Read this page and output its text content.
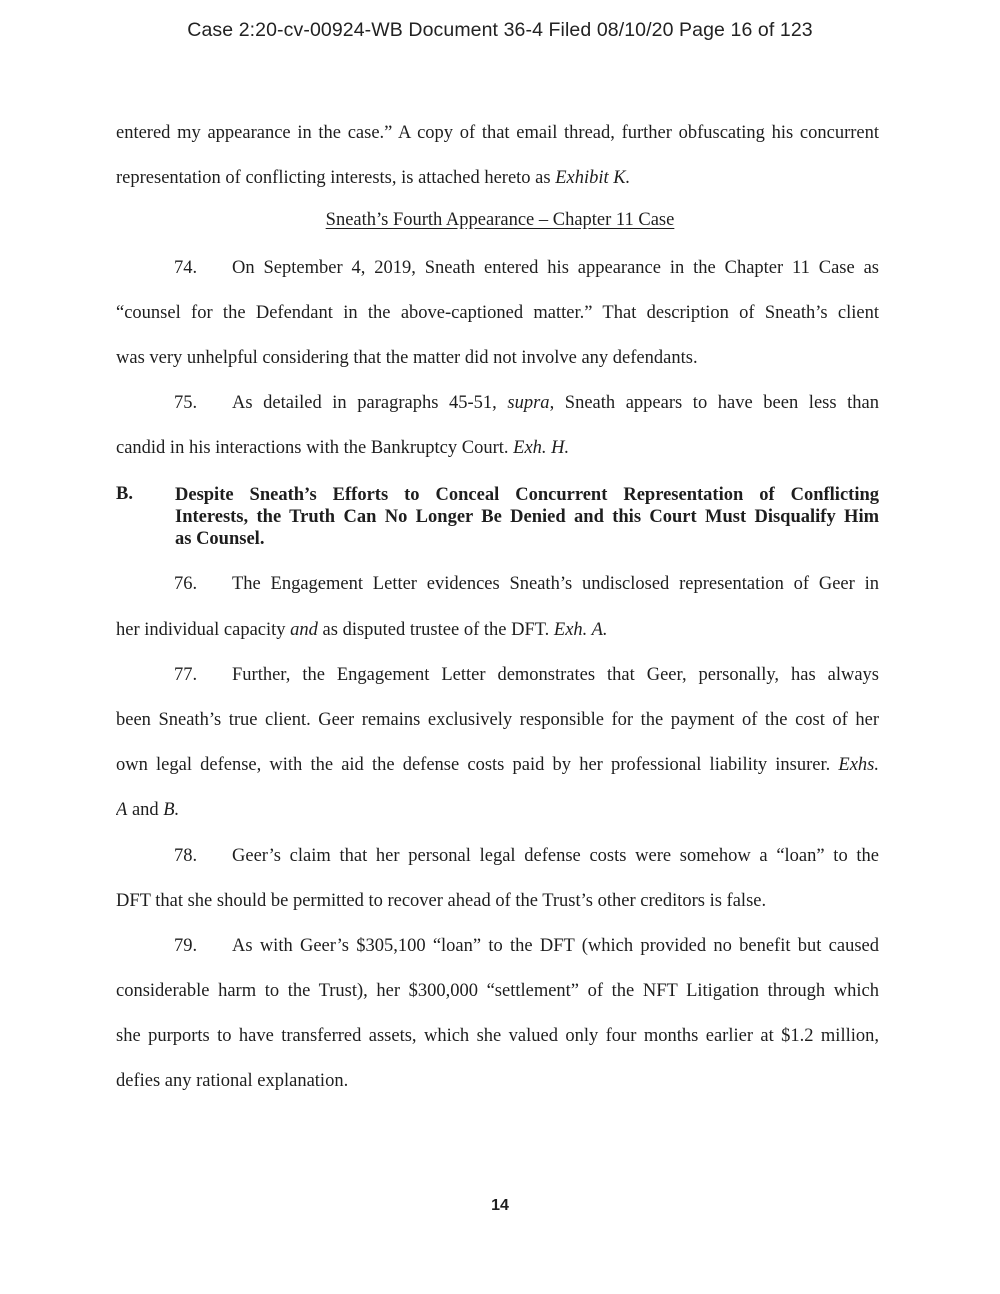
Case 2:20-cv-00924-WB Document 36-4 Filed 08/10/20 Page 16 of 123
entered my appearance in the case.” A copy of that email thread, further obfuscating his concurrent
representation of conflicting interests, is attached hereto as Exhibit K.
Sneath’s Fourth Appearance – Chapter 11 Case
74. On September 4, 2019, Sneath entered his appearance in the Chapter 11 Case as
“counsel for the Defendant in the above-captioned matter.” That description of Sneath’s client
was very unhelpful considering that the matter did not involve any defendants.
75. As detailed in paragraphs 45-51, supra, Sneath appears to have been less than
candid in his interactions with the Bankruptcy Court. Exh. H.
B. Despite Sneath’s Efforts to Conceal Concurrent Representation of Conflicting
Interests, the Truth Can No Longer Be Denied and this Court Must Disqualify Him
as Counsel.
76. The Engagement Letter evidences Sneath’s undisclosed representation of Geer in
her individual capacity and as disputed trustee of the DFT. Exh. A.
77. Further, the Engagement Letter demonstrates that Geer, personally, has always
been Sneath’s true client. Geer remains exclusively responsible for the payment of the cost of her
own legal defense, with the aid the defense costs paid by her professional liability insurer. Exhs.
A and B.
78. Geer’s claim that her personal legal defense costs were somehow a “loan” to the
DFT that she should be permitted to recover ahead of the Trust’s other creditors is false.
79. As with Geer’s $305,100 “loan” to the DFT (which provided no benefit but caused
considerable harm to the Trust), her $300,000 “settlement” of the NFT Litigation through which
she purports to have transferred assets, which she valued only four months earlier at $1.2 million,
defies any rational explanation.
14
